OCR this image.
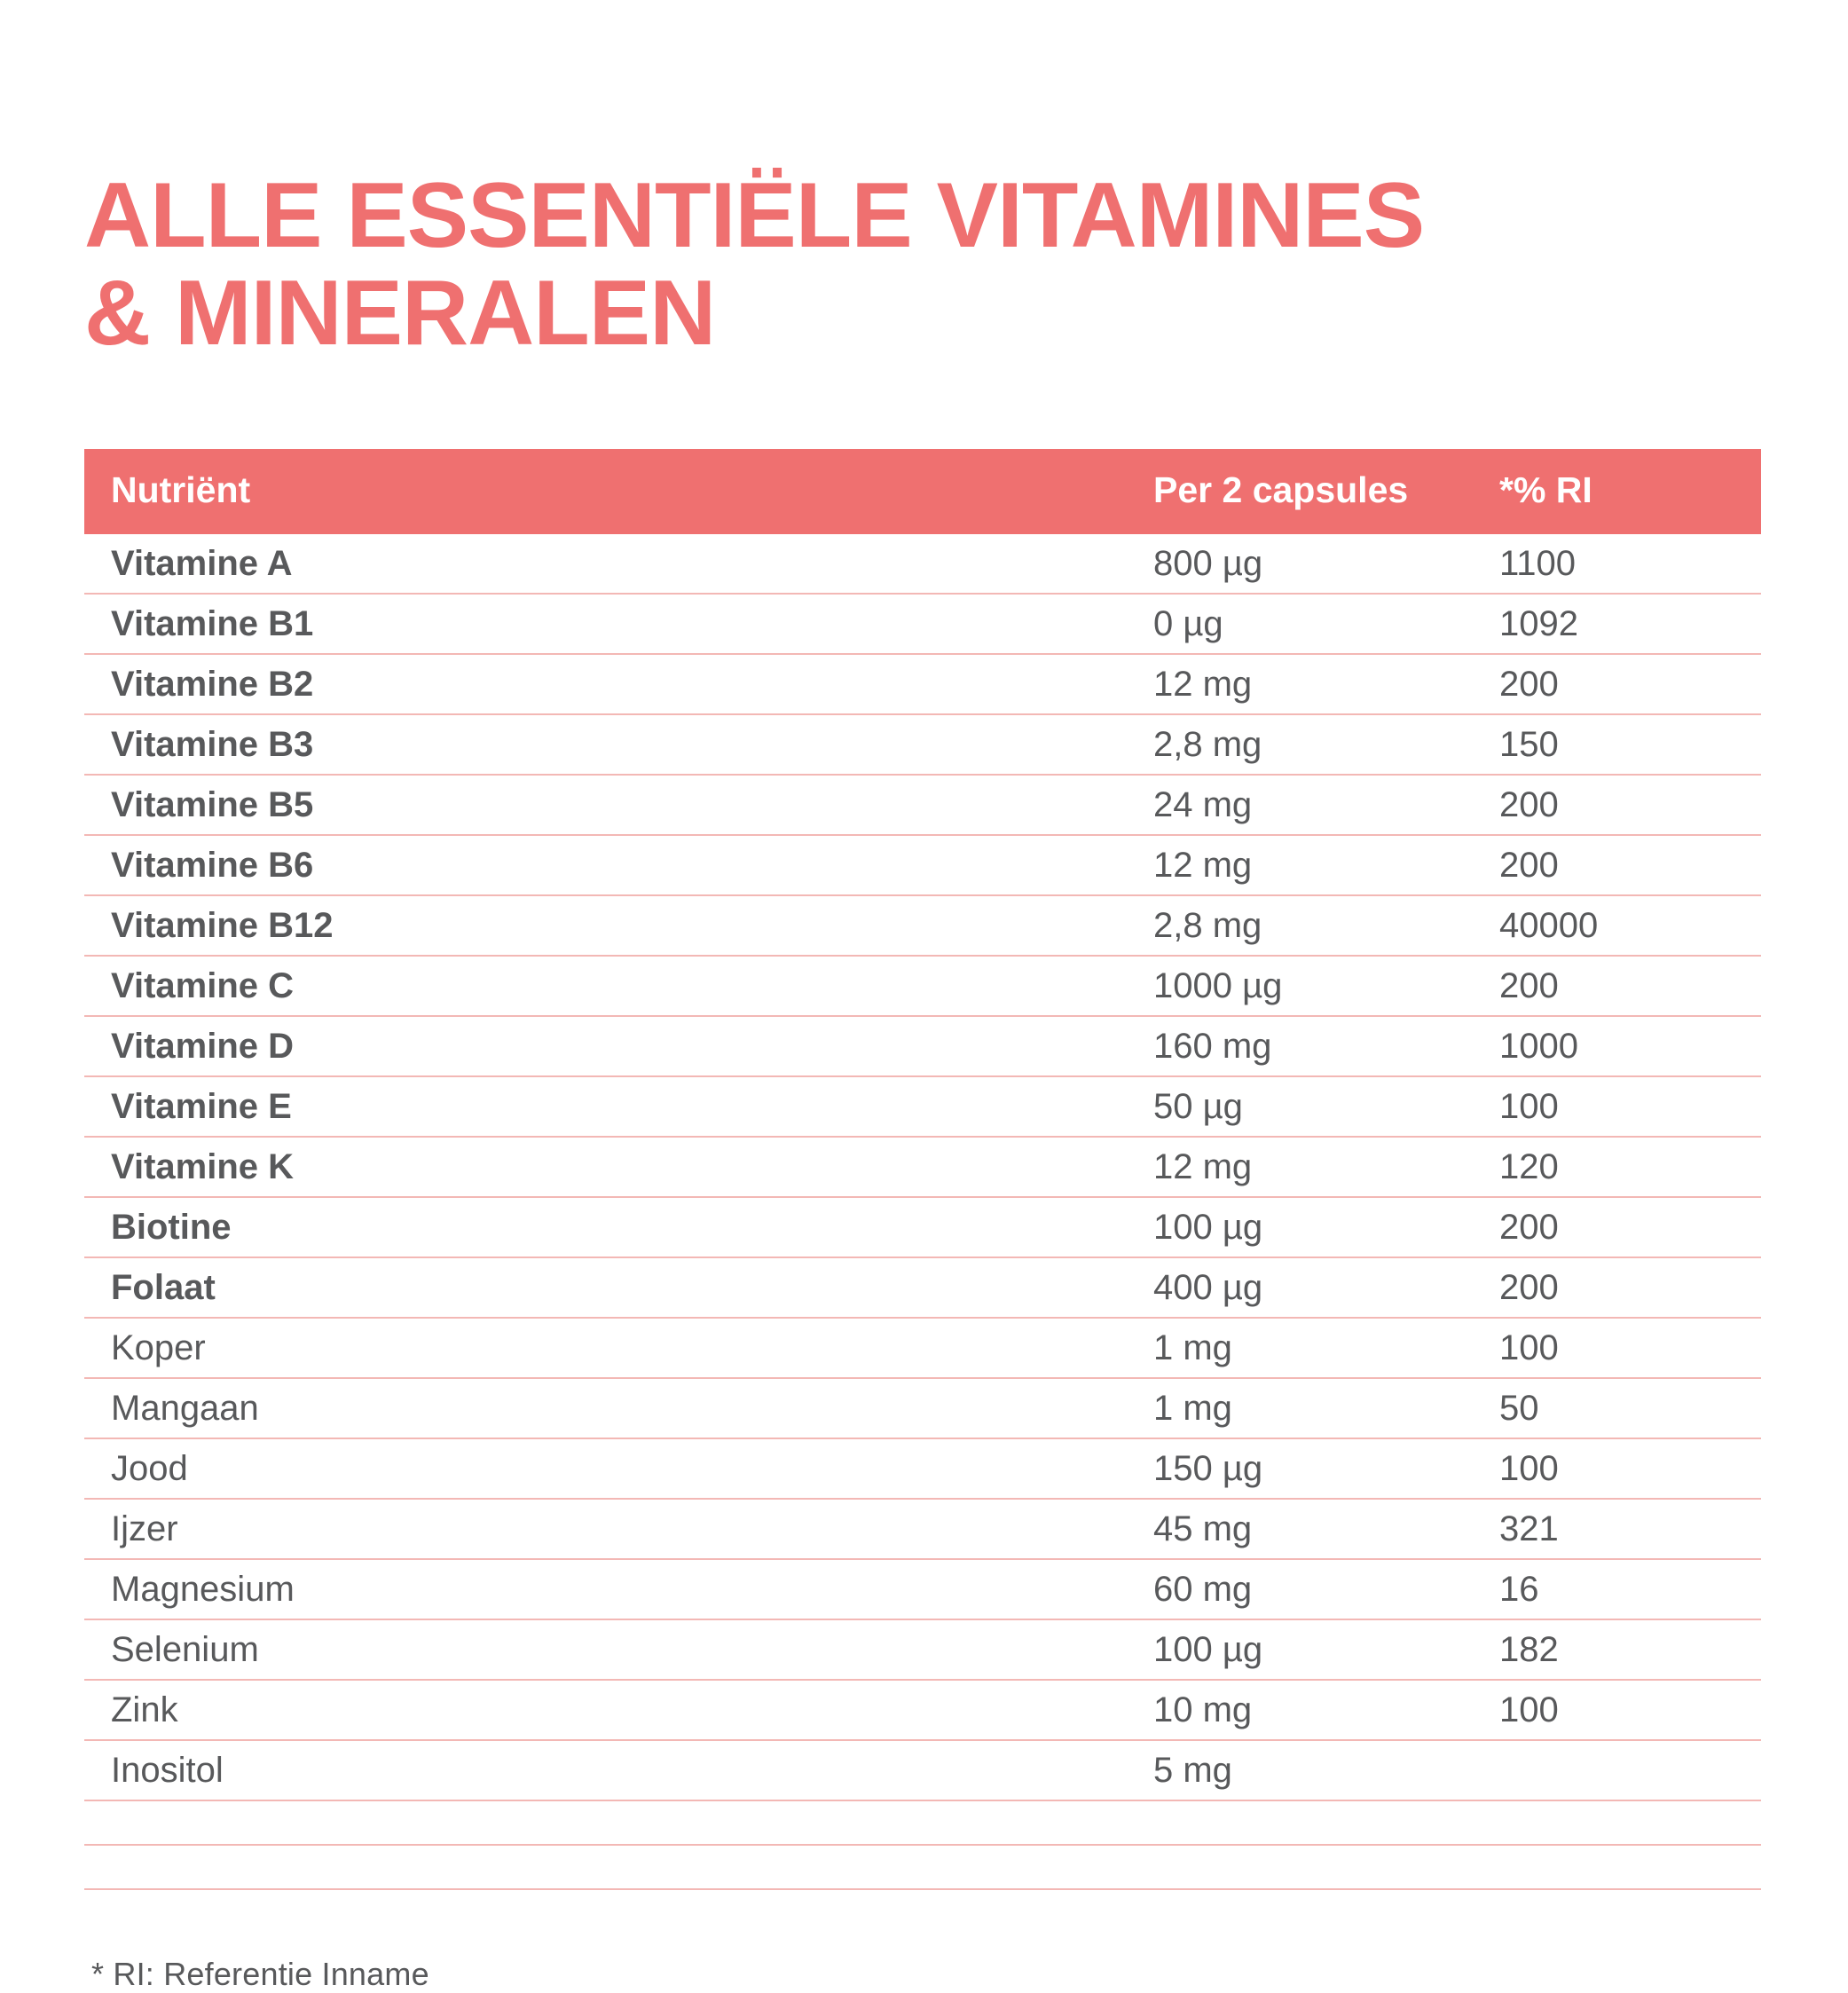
ALLE ESSENTIËLE VITAMINES
& MINERALEN
Nutriënt	Per 2 capsules	*% RI
Vitamine A	800 µg	1100
Vitamine B1	0 µg	1092
Vitamine B2	12 mg	200
Vitamine B3	2,8 mg	150
Vitamine B5	24 mg	200
Vitamine B6	12 mg	200
Vitamine B12	2,8 mg	40000
Vitamine C	1000 µg	200
Vitamine D	160 mg	1000
Vitamine E	50 µg	100
Vitamine K	12 mg	120
Biotine	100 µg	200
Folaat	400 µg	200
Koper	1 mg	100
Mangaan	1 mg	50
Jood	150 µg	100
Ijzer	45 mg	321
Magnesium	60 mg	16
Selenium	100 µg	182
Zink	10 mg	100
Inositol	5 mg	

* RI: Referentie Inname
